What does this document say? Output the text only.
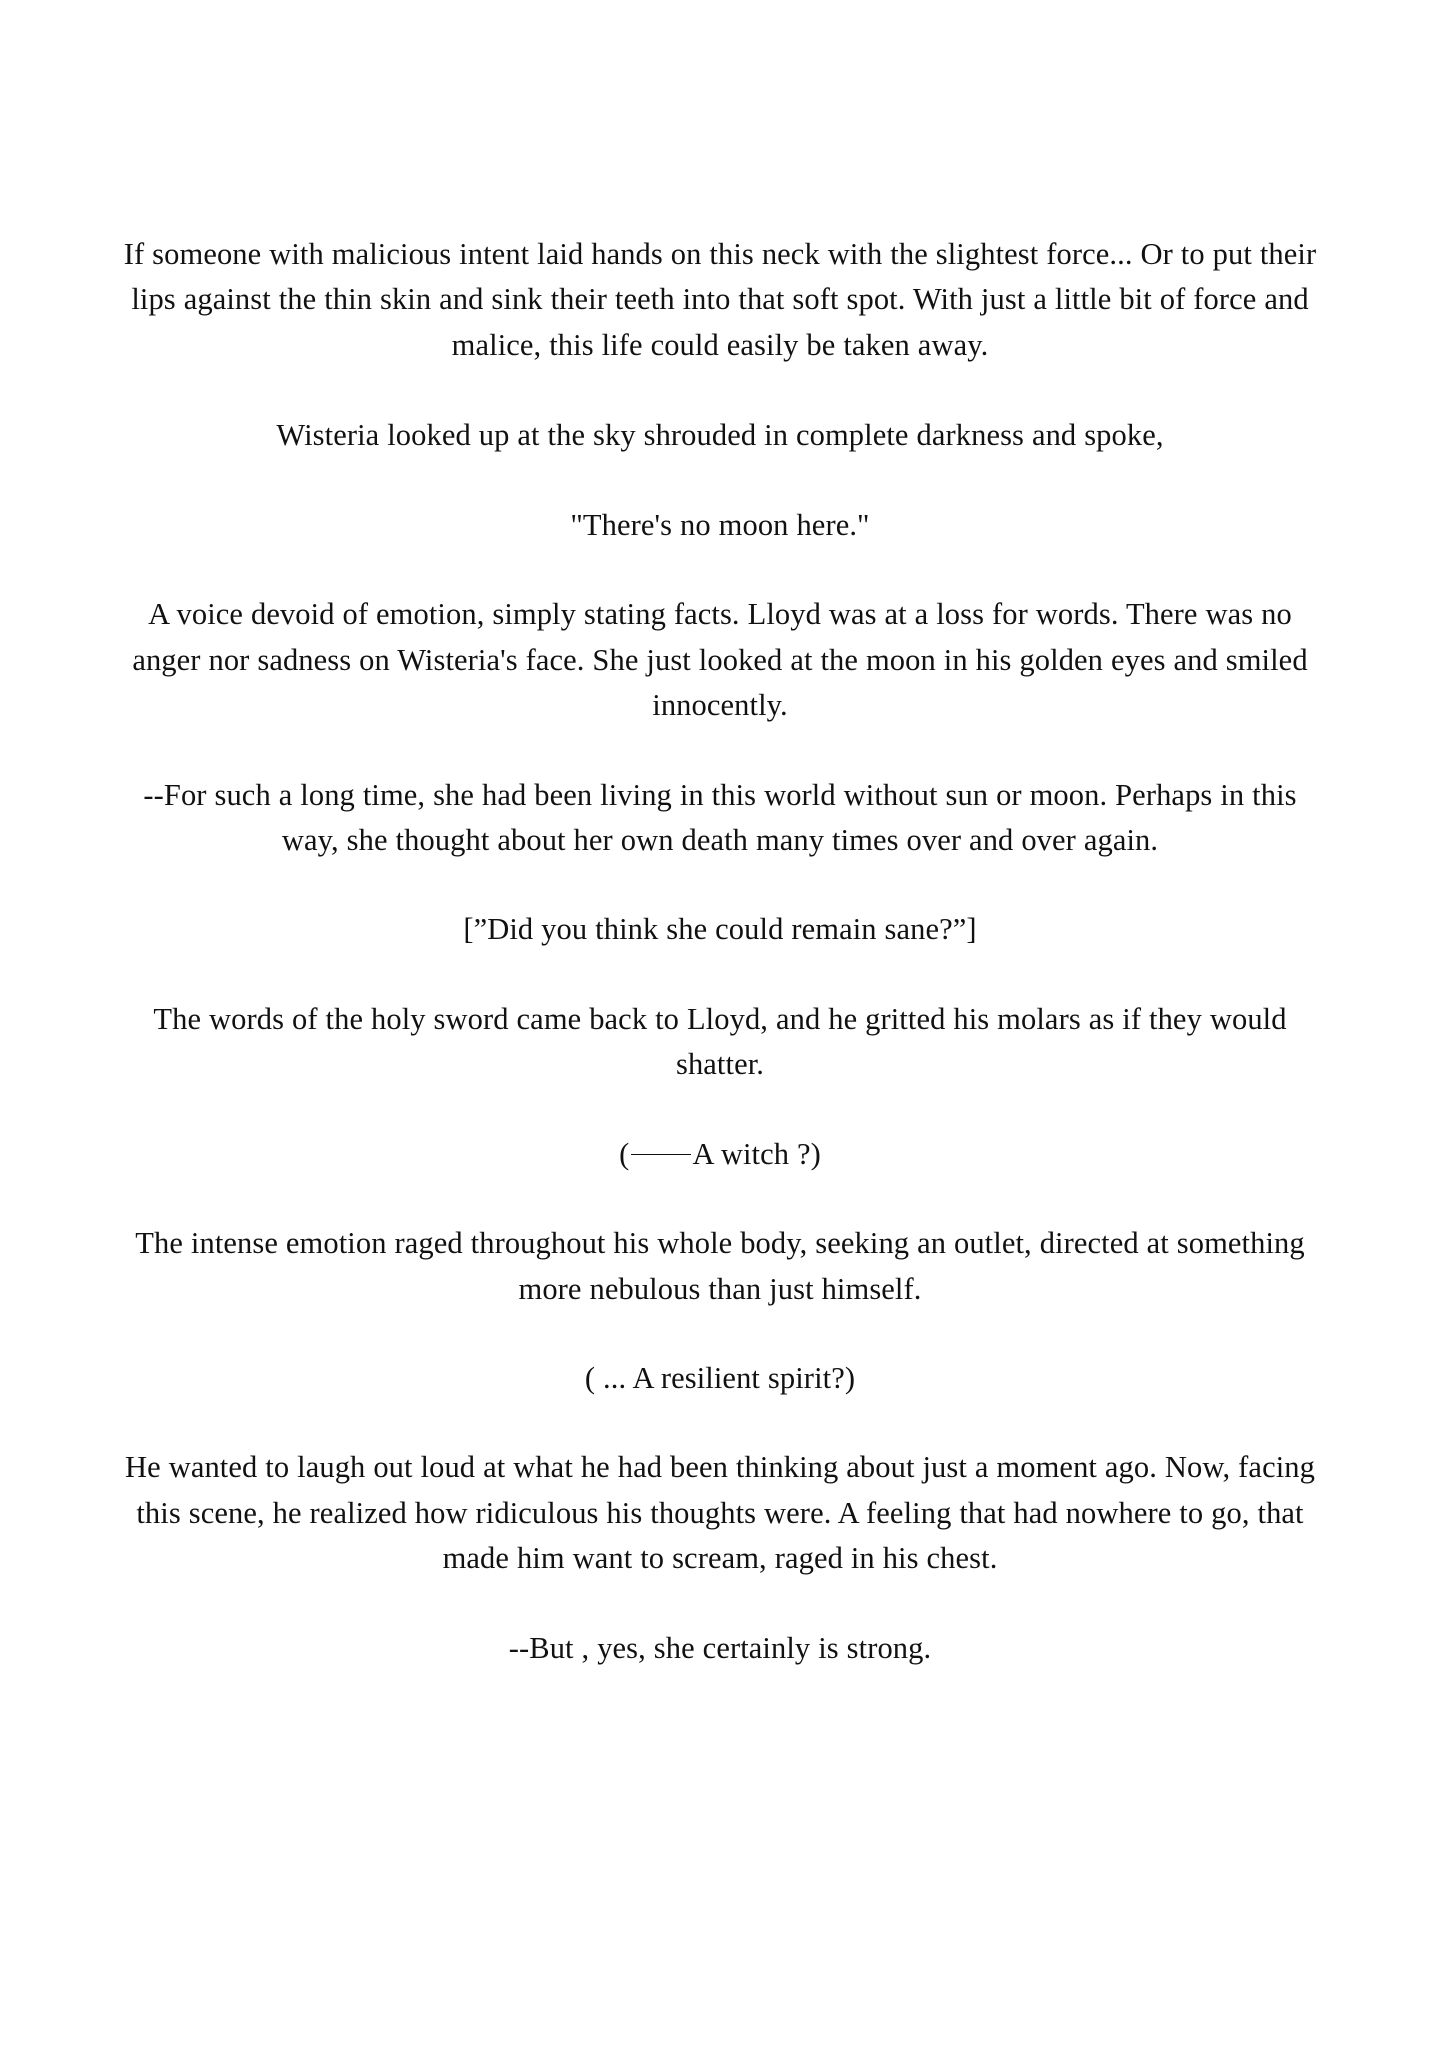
If someone with malicious intent laid hands on this neck with the slightest force... Or to put their lips against the thin skin and sink their teeth into that soft spot. With just a little bit of force and malice, this life could easily be taken away.

Wisteria looked up at the sky shrouded in complete darkness and spoke,

"There's no moon here."

A voice devoid of emotion, simply stating facts. Lloyd was at a loss for words. There was no anger nor sadness on Wisteria's face. She just looked at the moon in his golden eyes and smiled innocently.

--For such a long time, she had been living in this world without sun or moon. Perhaps in this way, she thought about her own death many times over and over again.

[”Did you think she could remain sane?”]

The words of the holy sword came back to Lloyd, and he gritted his molars as if they would shatter.

( A witch ?)

The intense emotion raged throughout his whole body, seeking an outlet, directed at something more nebulous than just himself.

( ... A resilient spirit?)

He wanted to laugh out loud at what he had been thinking about just a moment ago. Now, facing this scene, he realized how ridiculous his thoughts were. A feeling that had nowhere to go, that made him want to scream, raged in his chest.

--But , yes, she certainly is strong.
